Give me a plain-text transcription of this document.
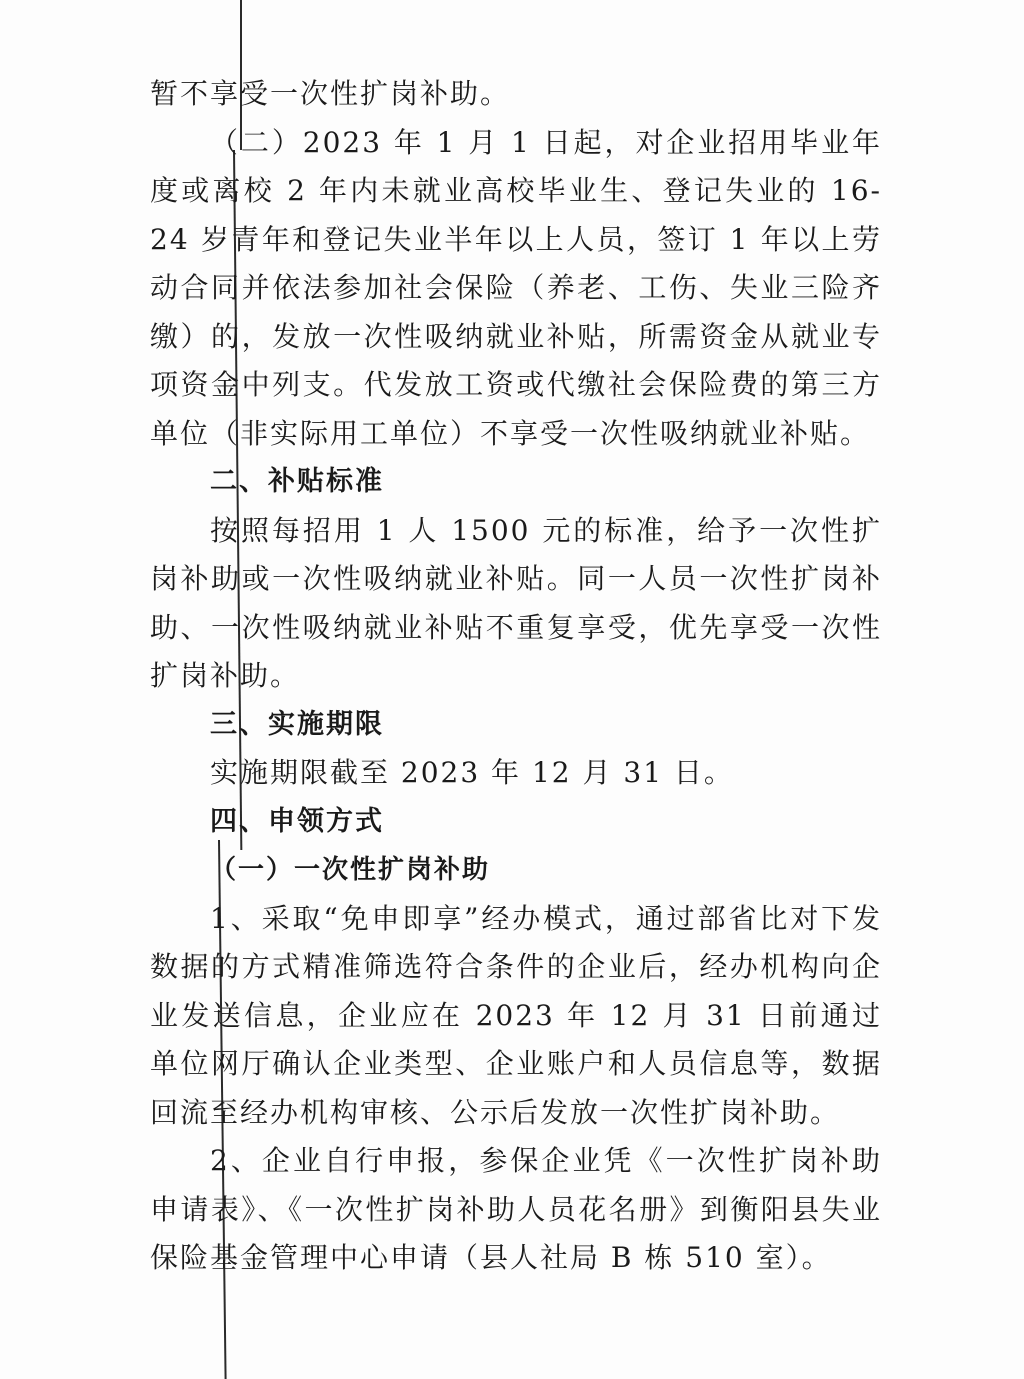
暂不享受一次性扩岗补助。

（二）2023 年 1 月 1 日起，对企业招用毕业年度或离校 2 年内未就业高校毕业生、登记失业的 16-24 岁青年和登记失业半年以上人员，签订 1 年以上劳动合同并依法参加社会保险（养老、工伤、失业三险齐缴）的，发放一次性吸纳就业补贴，所需资金从就业专项资金中列支。代发放工资或代缴社会保险费的第三方单位（非实际用工单位）不享受一次性吸纳就业补贴。

二、补贴标准

按照每招用 1 人 1500 元的标准，给予一次性扩岗补助或一次性吸纳就业补贴。同一人员一次性扩岗补助、一次性吸纳就业补贴不重复享受，优先享受一次性扩岗补助。

三、实施期限

实施期限截至 2023 年 12 月 31 日。

四、申领方式
（一）一次性扩岗补助

1、采取“免申即享”经办模式，通过部省比对下发数据的方式精准筛选符合条件的企业后，经办机构向企业发送信息，企业应在 2023 年 12 月 31 日前通过单位网厅确认企业类型、企业账户和人员信息等，数据回流至经办机构审核、公示后发放一次性扩岗补助。

2、企业自行申报，参保企业凭《一次性扩岗补助申请表》、《一次性扩岗补助人员花名册》到衡阳县失业保险基金管理中心申请（县人社局 B 栋 510 室）。
